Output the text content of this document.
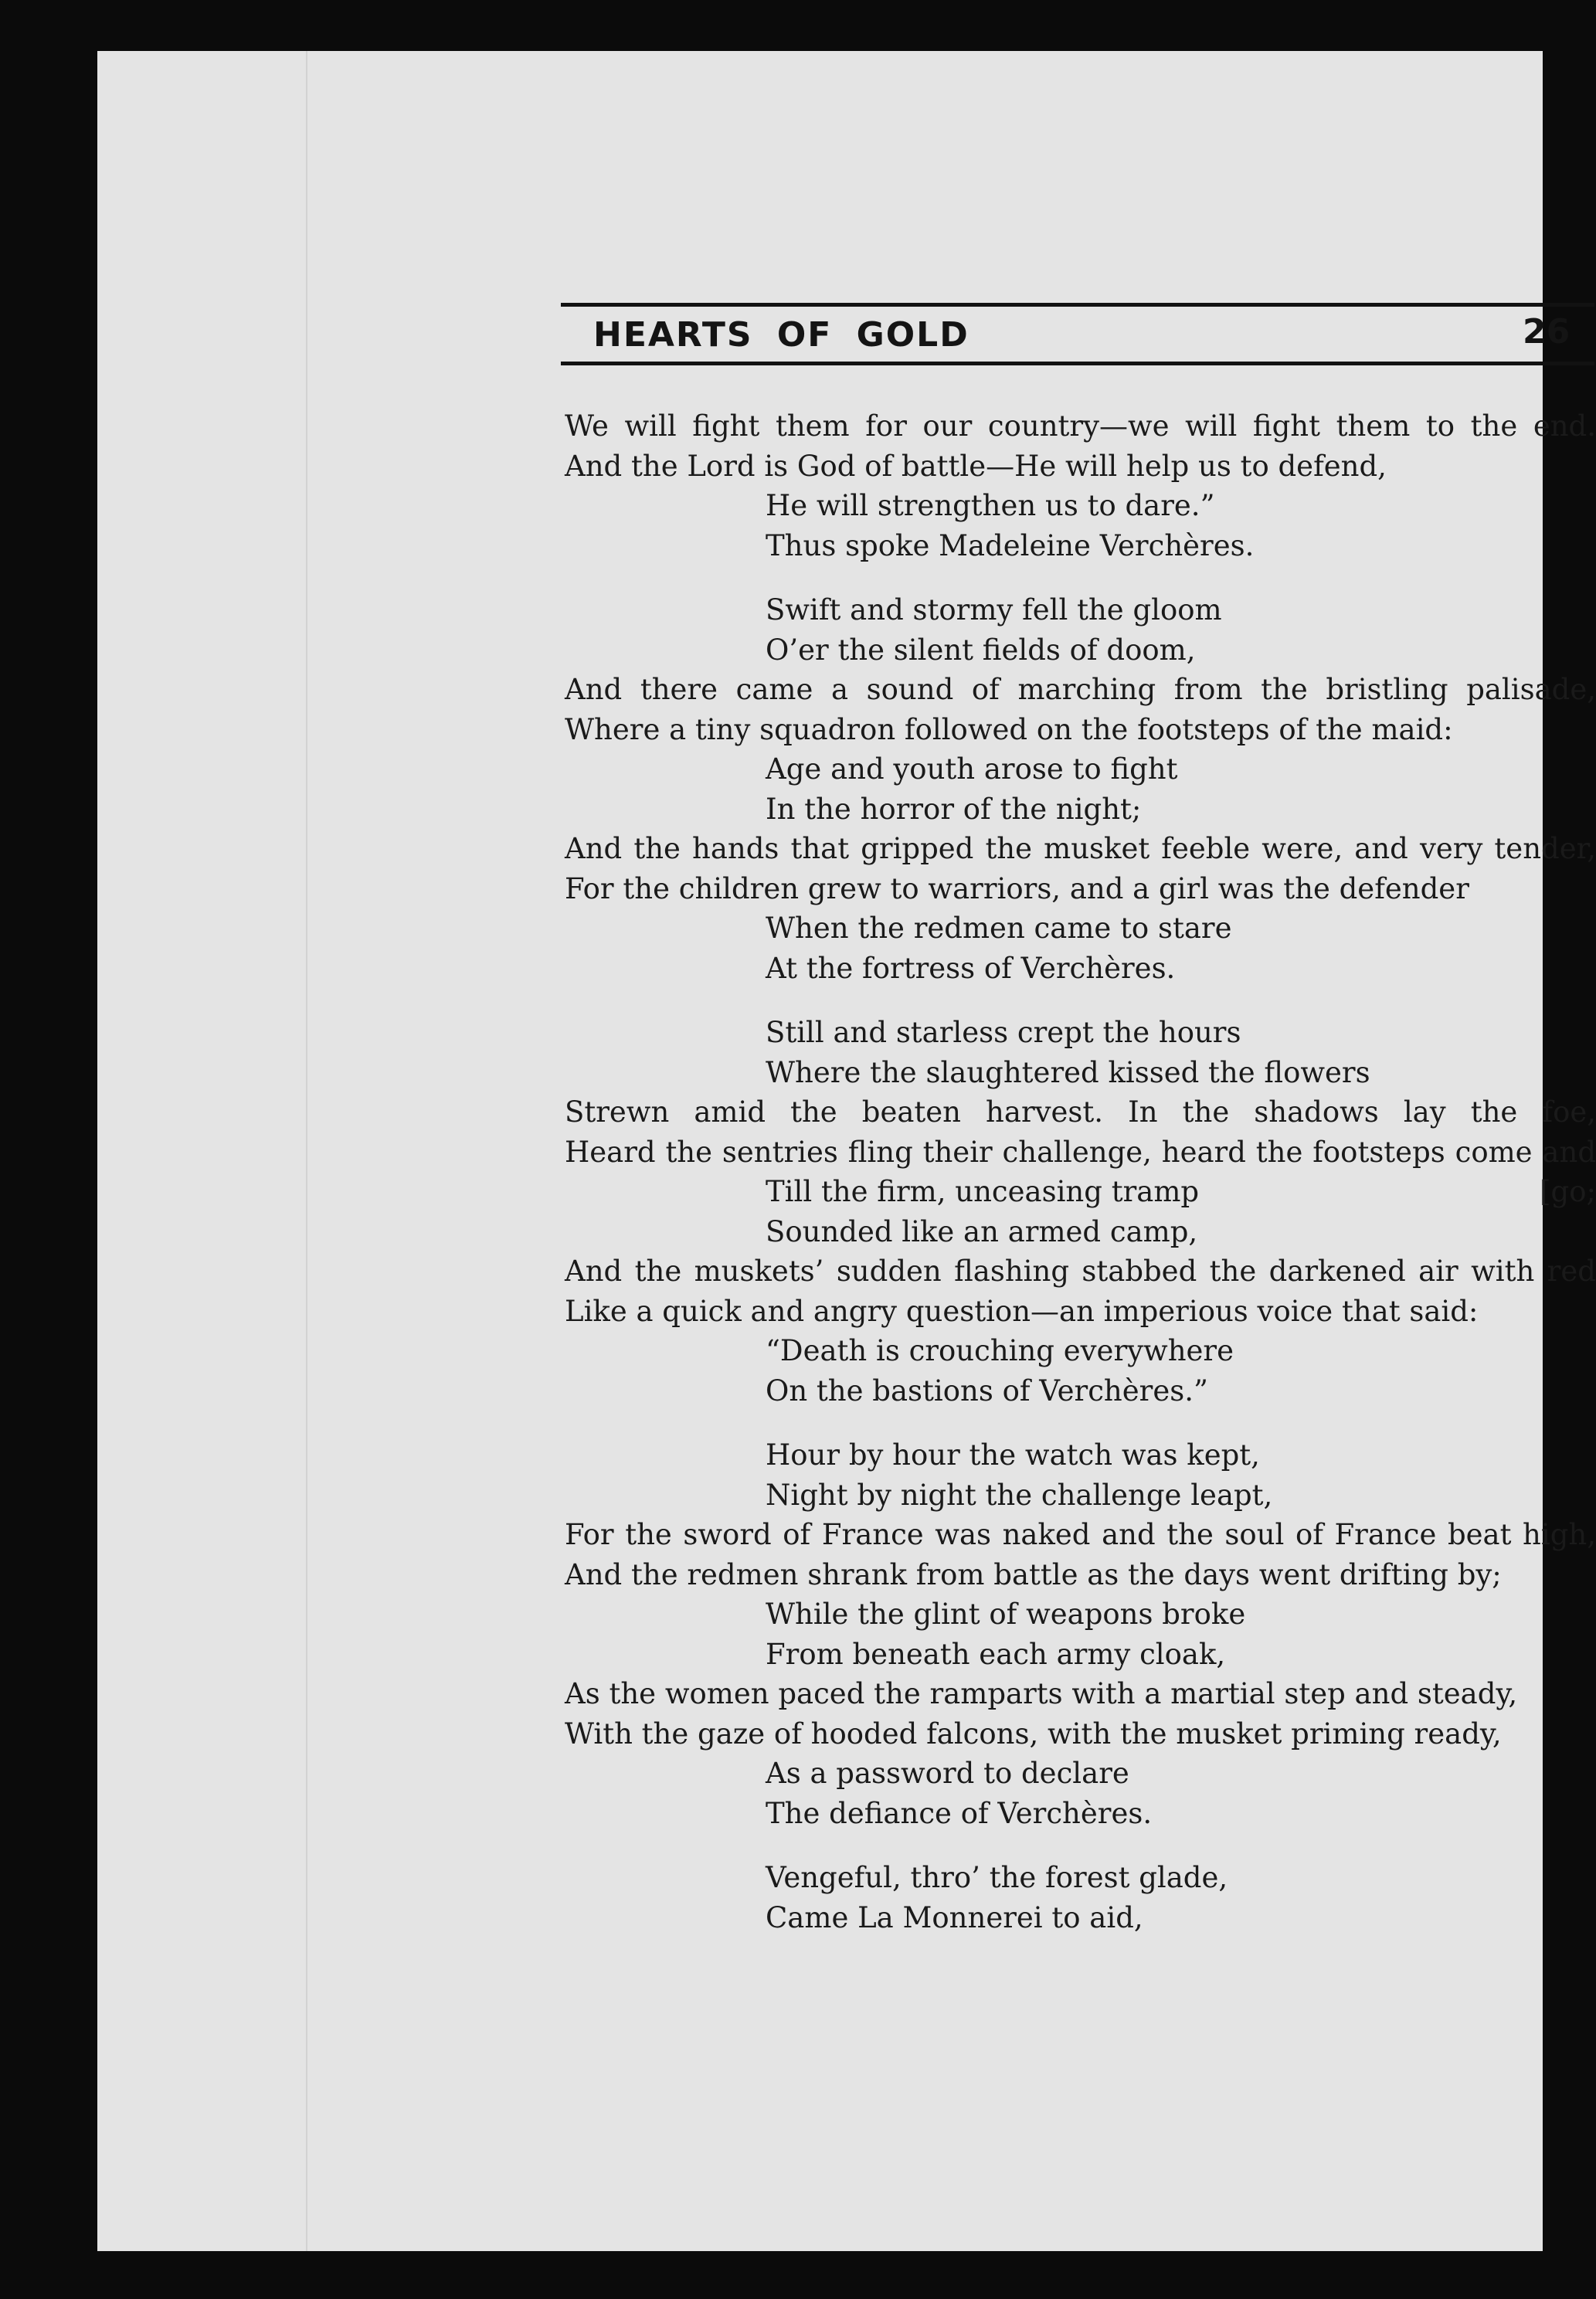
HEARTS OF GOLD	26
We will fight them for our country—we will fight them to the end.
And the Lord is God of battle—He will help us to defend,
He will strengthen us to dare.”
Thus spoke Madeleine Verchères.
Swift and stormy fell the gloom
O’er the silent fields of doom,
And there came a sound of marching from the bristling palisade,
Where a tiny squadron followed on the footsteps of the maid:
Age and youth arose to fight
In the horror of the night;
And the hands that gripped the musket feeble were, and very tender,
For the children grew to warriors, and a girl was the defender
When the redmen came to stare
At the fortress of Verchères.
Still and starless crept the hours
Where the slaughtered kissed the flowers
Strewn amid the beaten harvest. In the shadows lay the foe,
Heard the sentries fling their challenge, heard the footsteps come and
Till the firm, unceasing tramp	[go;
Sounded like an armed camp,
And the muskets’ sudden flashing stabbed the darkened air with red
Like a quick and angry question—an imperious voice that said:
“Death is crouching everywhere
On the bastions of Verchères.”
Hour by hour the watch was kept,
Night by night the challenge leapt,
For the sword of France was naked and the soul of France beat high,
And the redmen shrank from battle as the days went drifting by;
While the glint of weapons broke
From beneath each army cloak,
As the women paced the ramparts with a martial step and steady,
With the gaze of hooded falcons, with the musket priming ready,
As a password to declare
The defiance of Verchères.
Vengeful, thro’ the forest glade,
Came La Monnerei to aid,
